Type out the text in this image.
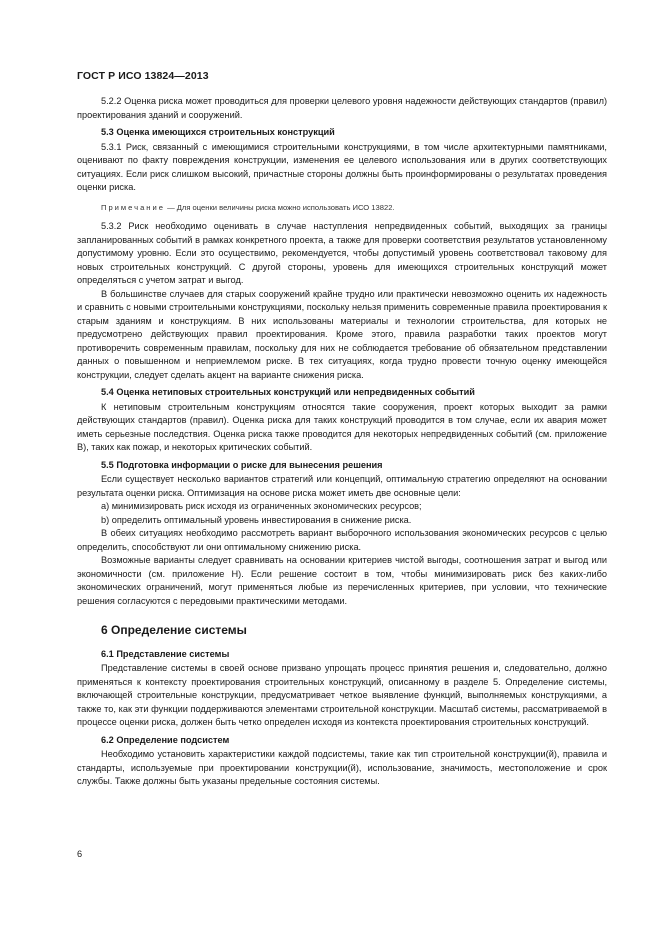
ГОСТ Р ИСО 13824—2013

5.2.2 Оценка риска может проводиться для проверки целевого уровня надежности действующих стандартов (правил) проектирования зданий и сооружений.

5.3 Оценка имеющихся строительных конструкций

5.3.1 Риск, связанный с имеющимися строительными конструкциями, в том числе архитектурными памятниками, оценивают по факту повреждения конструкции, изменения ее целевого использования или в других соответствующих ситуациях. Если риск слишком высокий, причастные стороны должны быть проинформированы о результатах проведения оценки риска.

Примечание — Для оценки величины риска можно использовать ИСО 13822.

5.3.2 Риск необходимо оценивать в случае наступления непредвиденных событий, выходящих за границы запланированных событий в рамках конкретного проекта, а также для проверки соответствия результатов установленному допустимому уровню. Если это осуществимо, рекомендуется, чтобы допустимый уровень соответствовал таковому для новых строительных конструкций. С другой стороны, уровень для имеющихся строительных конструкций может определяться с учетом затрат и выгод.

В большинстве случаев для старых сооружений крайне трудно или практически невозможно оценить их надежность и сравнить с новыми строительными конструкциями, поскольку нельзя применить современные правила проектирования к старым зданиям и конструкциям. В них использованы материалы и технологии строительства, для которых не предусмотрено действующих правил проектирования. Кроме этого, правила разработки таких проектов могут противоречить современным правилам, поскольку для них не соблюдается требование об обязательном представлении данных о повышенном и неприемлемом риске. В тех ситуациях, когда трудно провести точную оценку имеющейся конструкции, следует сделать акцент на варианте снижения риска.

5.4 Оценка нетиповых строительных конструкций или непредвиденных событий

К нетиповым строительным конструкциям относятся такие сооружения, проект которых выходит за рамки действующих стандартов (правил). Оценка риска для таких конструкций проводится в том случае, если их авария может иметь серьезные последствия. Оценка риска также проводится для некоторых непредвиденных событий (см. приложение В), таких как пожар, и некоторых критических событий.

5.5 Подготовка информации о риске для вынесения решения

Если существует несколько вариантов стратегий или концепций, оптимальную стратегию определяют на основании результата оценки риска. Оптимизация на основе риска может иметь две основные цели:

a) минимизировать риск исходя из ограниченных экономических ресурсов;

b) определить оптимальный уровень инвестирования в снижение риска.

В обеих ситуациях необходимо рассмотреть вариант выборочного использования экономических ресурсов с целью определить, способствуют ли они оптимальному снижению риска.

Возможные варианты следует сравнивать на основании критериев чистой выгоды, соотношения затрат и выгод или экономичности (см. приложение Н). Если решение состоит в том, чтобы минимизировать риск без каких-либо экономических ограничений, могут применяться любые из перечисленных критериев, при условии, что технические решения согласуются с передовыми практическими методами.

6 Определение системы
6.1 Представление системы

Представление системы в своей основе призвано упрощать процесс принятия решения и, следовательно, должно применяться к контексту проектирования строительных конструкций, описанному в разделе 5. Определение системы, включающей строительные конструкции, предусматривает четкое выявление функций, выполняемых конструкциями, а также то, как эти функции поддерживаются элементами строительной конструкции. Масштаб системы, рассматриваемой в процессе оценки риска, должен быть четко определен исходя из контекста проектирования строительных конструкций.

6.2 Определение подсистем

Необходимо установить характеристики каждой подсистемы, такие как тип строительной конструкции(й), правила и стандарты, используемые при проектировании конструкции(й), использование, значимость, местоположение и срок службы. Также должны быть указаны предельные состояния системы.

6
